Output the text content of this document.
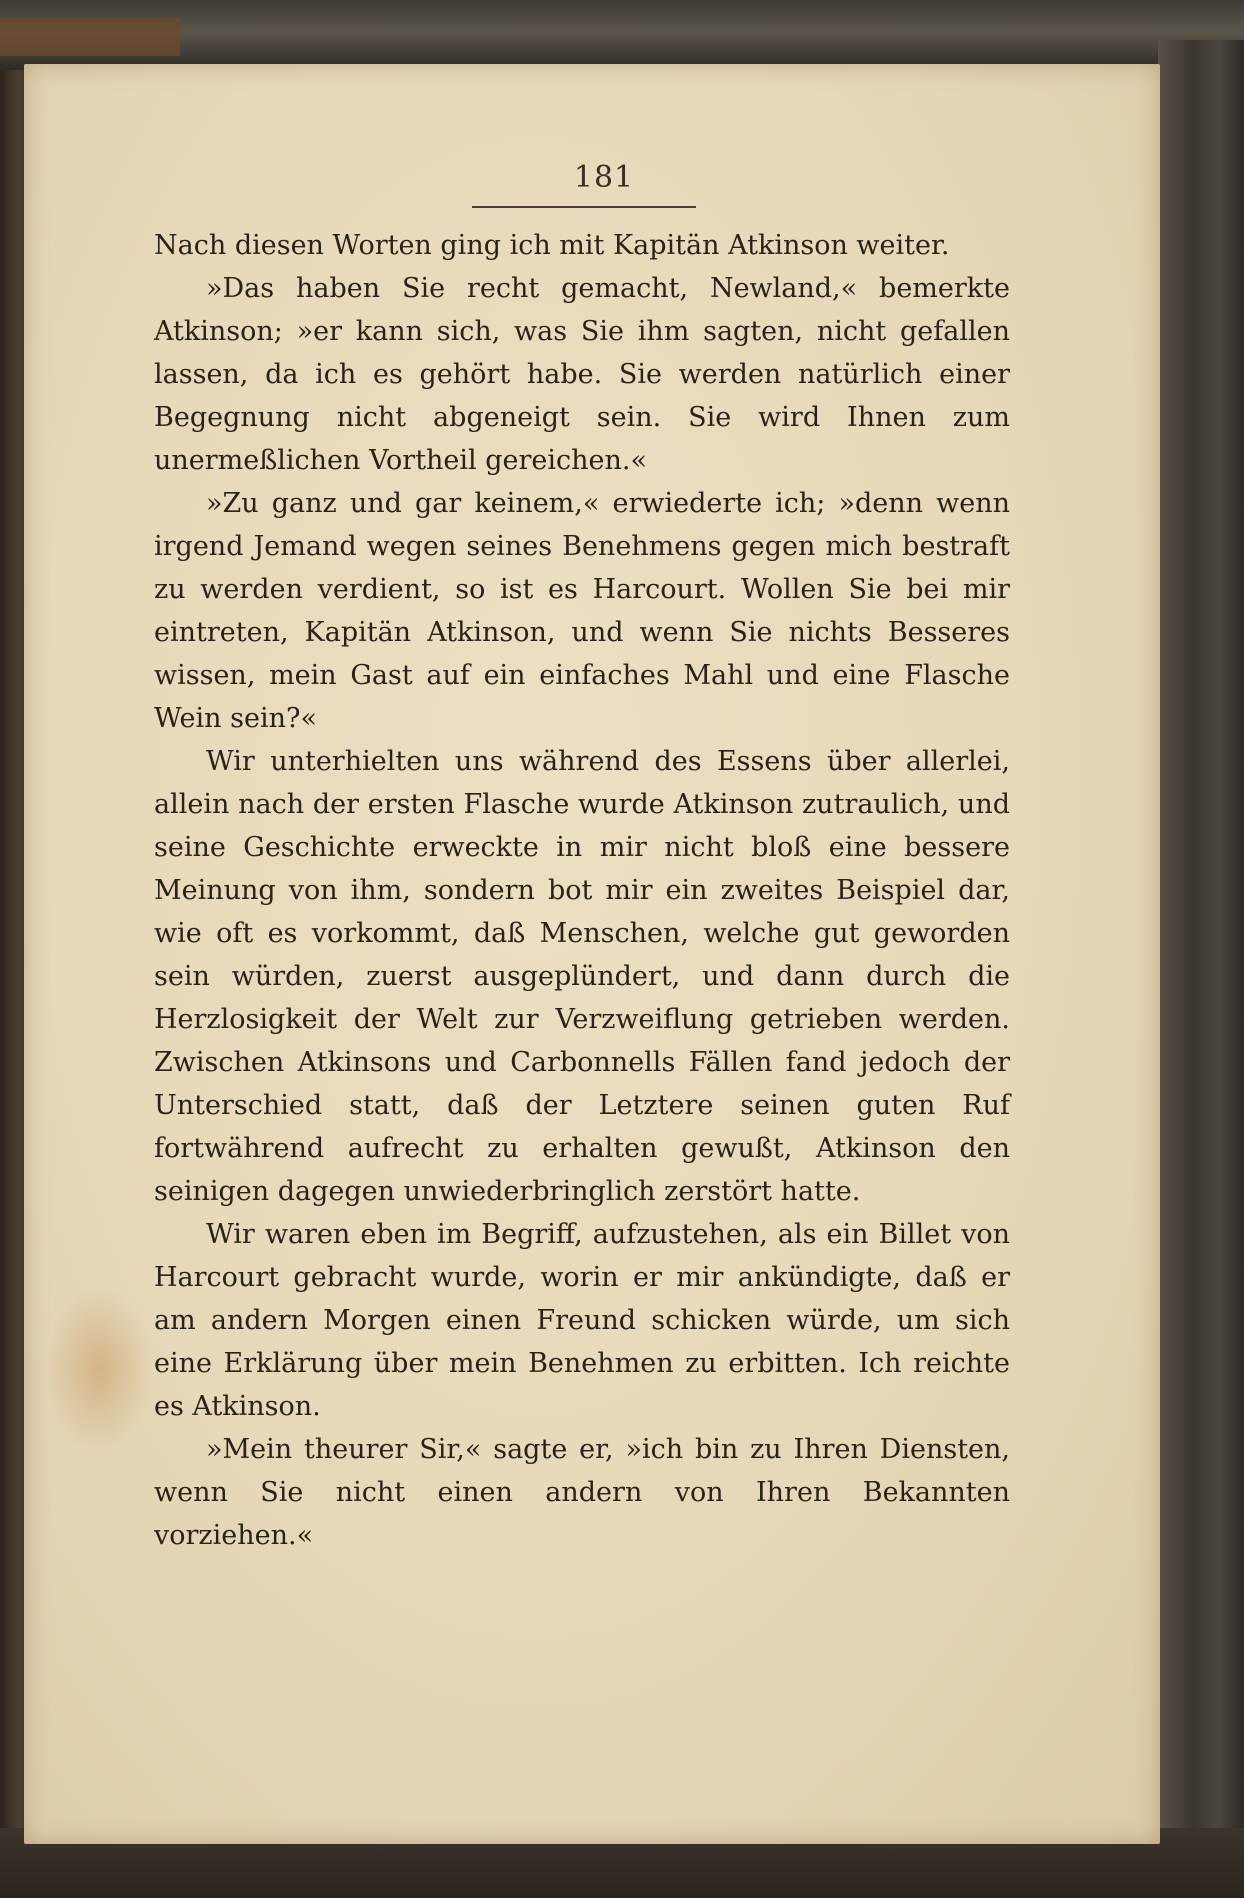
181

Nach diesen Worten ging ich mit Kapitän Atkinson weiter.

»Das haben Sie recht gemacht, Newland,« bemerkte Atkinson; »er kann sich, was Sie ihm sagten, nicht gefallen lassen, da ich es gehört habe. Sie werden natürlich einer Begegnung nicht abgeneigt sein. Sie wird Ihnen zum unermeßlichen Vortheil gereichen.«

»Zu ganz und gar keinem,« erwiederte ich; »denn wenn irgend Jemand wegen seines Benehmens gegen mich bestraft zu werden verdient, so ist es Harcourt. Wollen Sie bei mir eintreten, Kapitän Atkinson, und wenn Sie nichts Besseres wissen, mein Gast auf ein einfaches Mahl und eine Flasche Wein sein?«

Wir unterhielten uns während des Essens über allerlei, allein nach der ersten Flasche wurde Atkinson zutraulich, und seine Geschichte erweckte in mir nicht bloß eine bessere Meinung von ihm, sondern bot mir ein zweites Beispiel dar, wie oft es vorkommt, daß Menschen, welche gut geworden sein würden, zuerst ausgeplündert, und dann durch die Herzlosigkeit der Welt zur Verzweiflung getrieben werden. Zwischen Atkinsons und Carbonnells Fällen fand jedoch der Unterschied statt, daß der Letztere seinen guten Ruf fortwährend aufrecht zu erhalten gewußt, Atkinson den seinigen dagegen unwiederbringlich zerstört hatte.

Wir waren eben im Begriff, aufzustehen, als ein Billet von Harcourt gebracht wurde, worin er mir ankündigte, daß er am andern Morgen einen Freund schicken würde, um sich eine Erklärung über mein Benehmen zu erbitten. Ich reichte es Atkinson.

»Mein theurer Sir,« sagte er, »ich bin zu Ihren Diensten, wenn Sie nicht einen andern von Ihren Bekannten vorziehen.«
